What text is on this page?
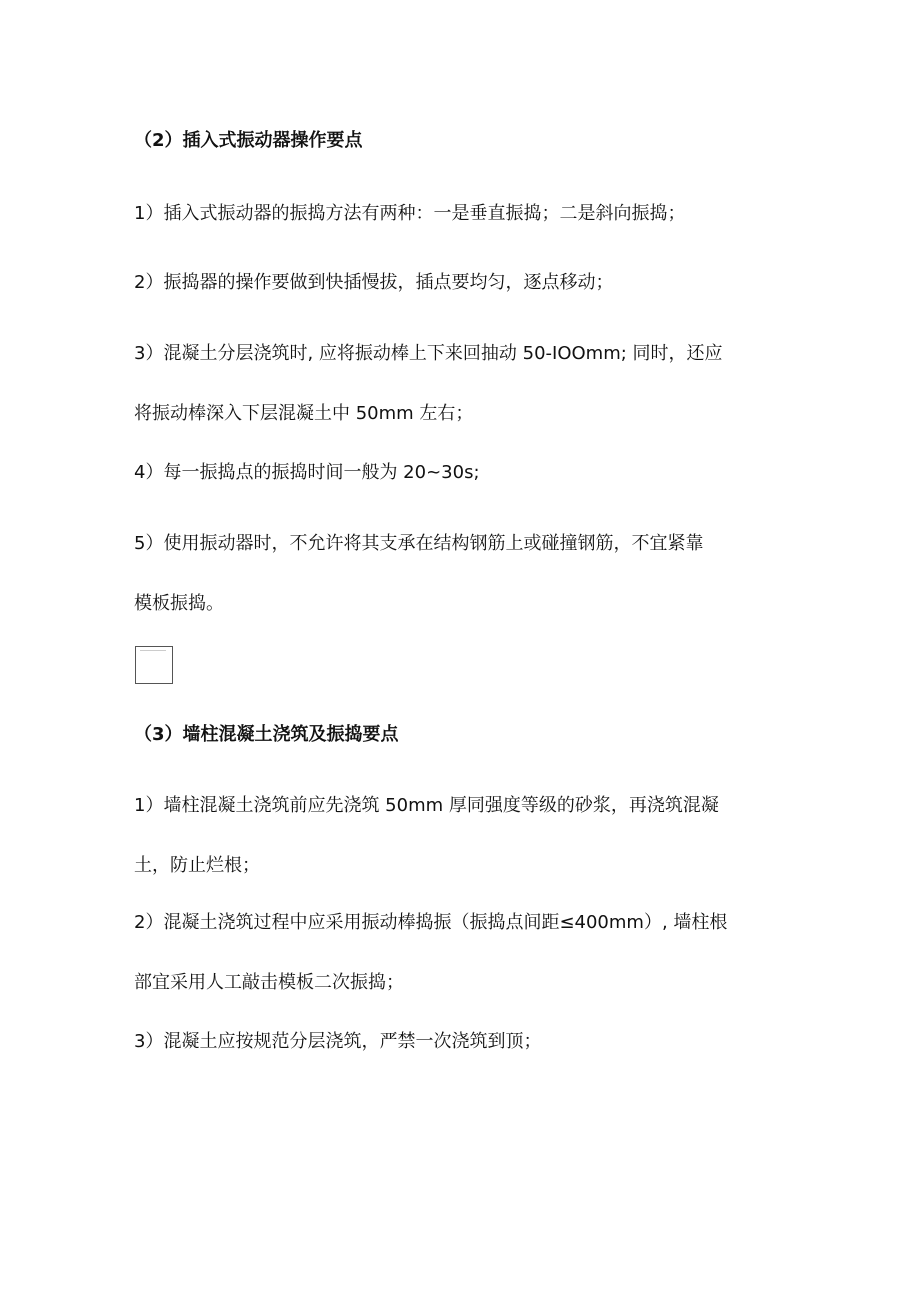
（2）插入式振动器操作要点

1）插入式振动器的振捣方法有两种：一是垂直振捣；二是斜向振捣；

2）振捣器的操作要做到快插慢拔，插点要均匀，逐点移动；

3）混凝土分层浇筑时, 应将振动棒上下来回抽动 50-IOOmm; 同时，还应
将振动棒深入下层混凝土中 50mm 左右；

4）每一振捣点的振捣时间一般为 20~30s;

5）使用振动器时，不允许将其支承在结构钢筋上或碰撞钢筋，不宜紧靠
模板振捣。

（3）墙柱混凝土浇筑及振捣要点

1）墙柱混凝土浇筑前应先浇筑 50mm 厚同强度等级的砂浆，再浇筑混凝
土，防止烂根；

2）混凝土浇筑过程中应采用振动棒捣振（振捣点间距≤400mm）, 墙柱根
部宜采用人工敲击模板二次振捣；

3）混凝土应按规范分层浇筑，严禁一次浇筑到顶；
